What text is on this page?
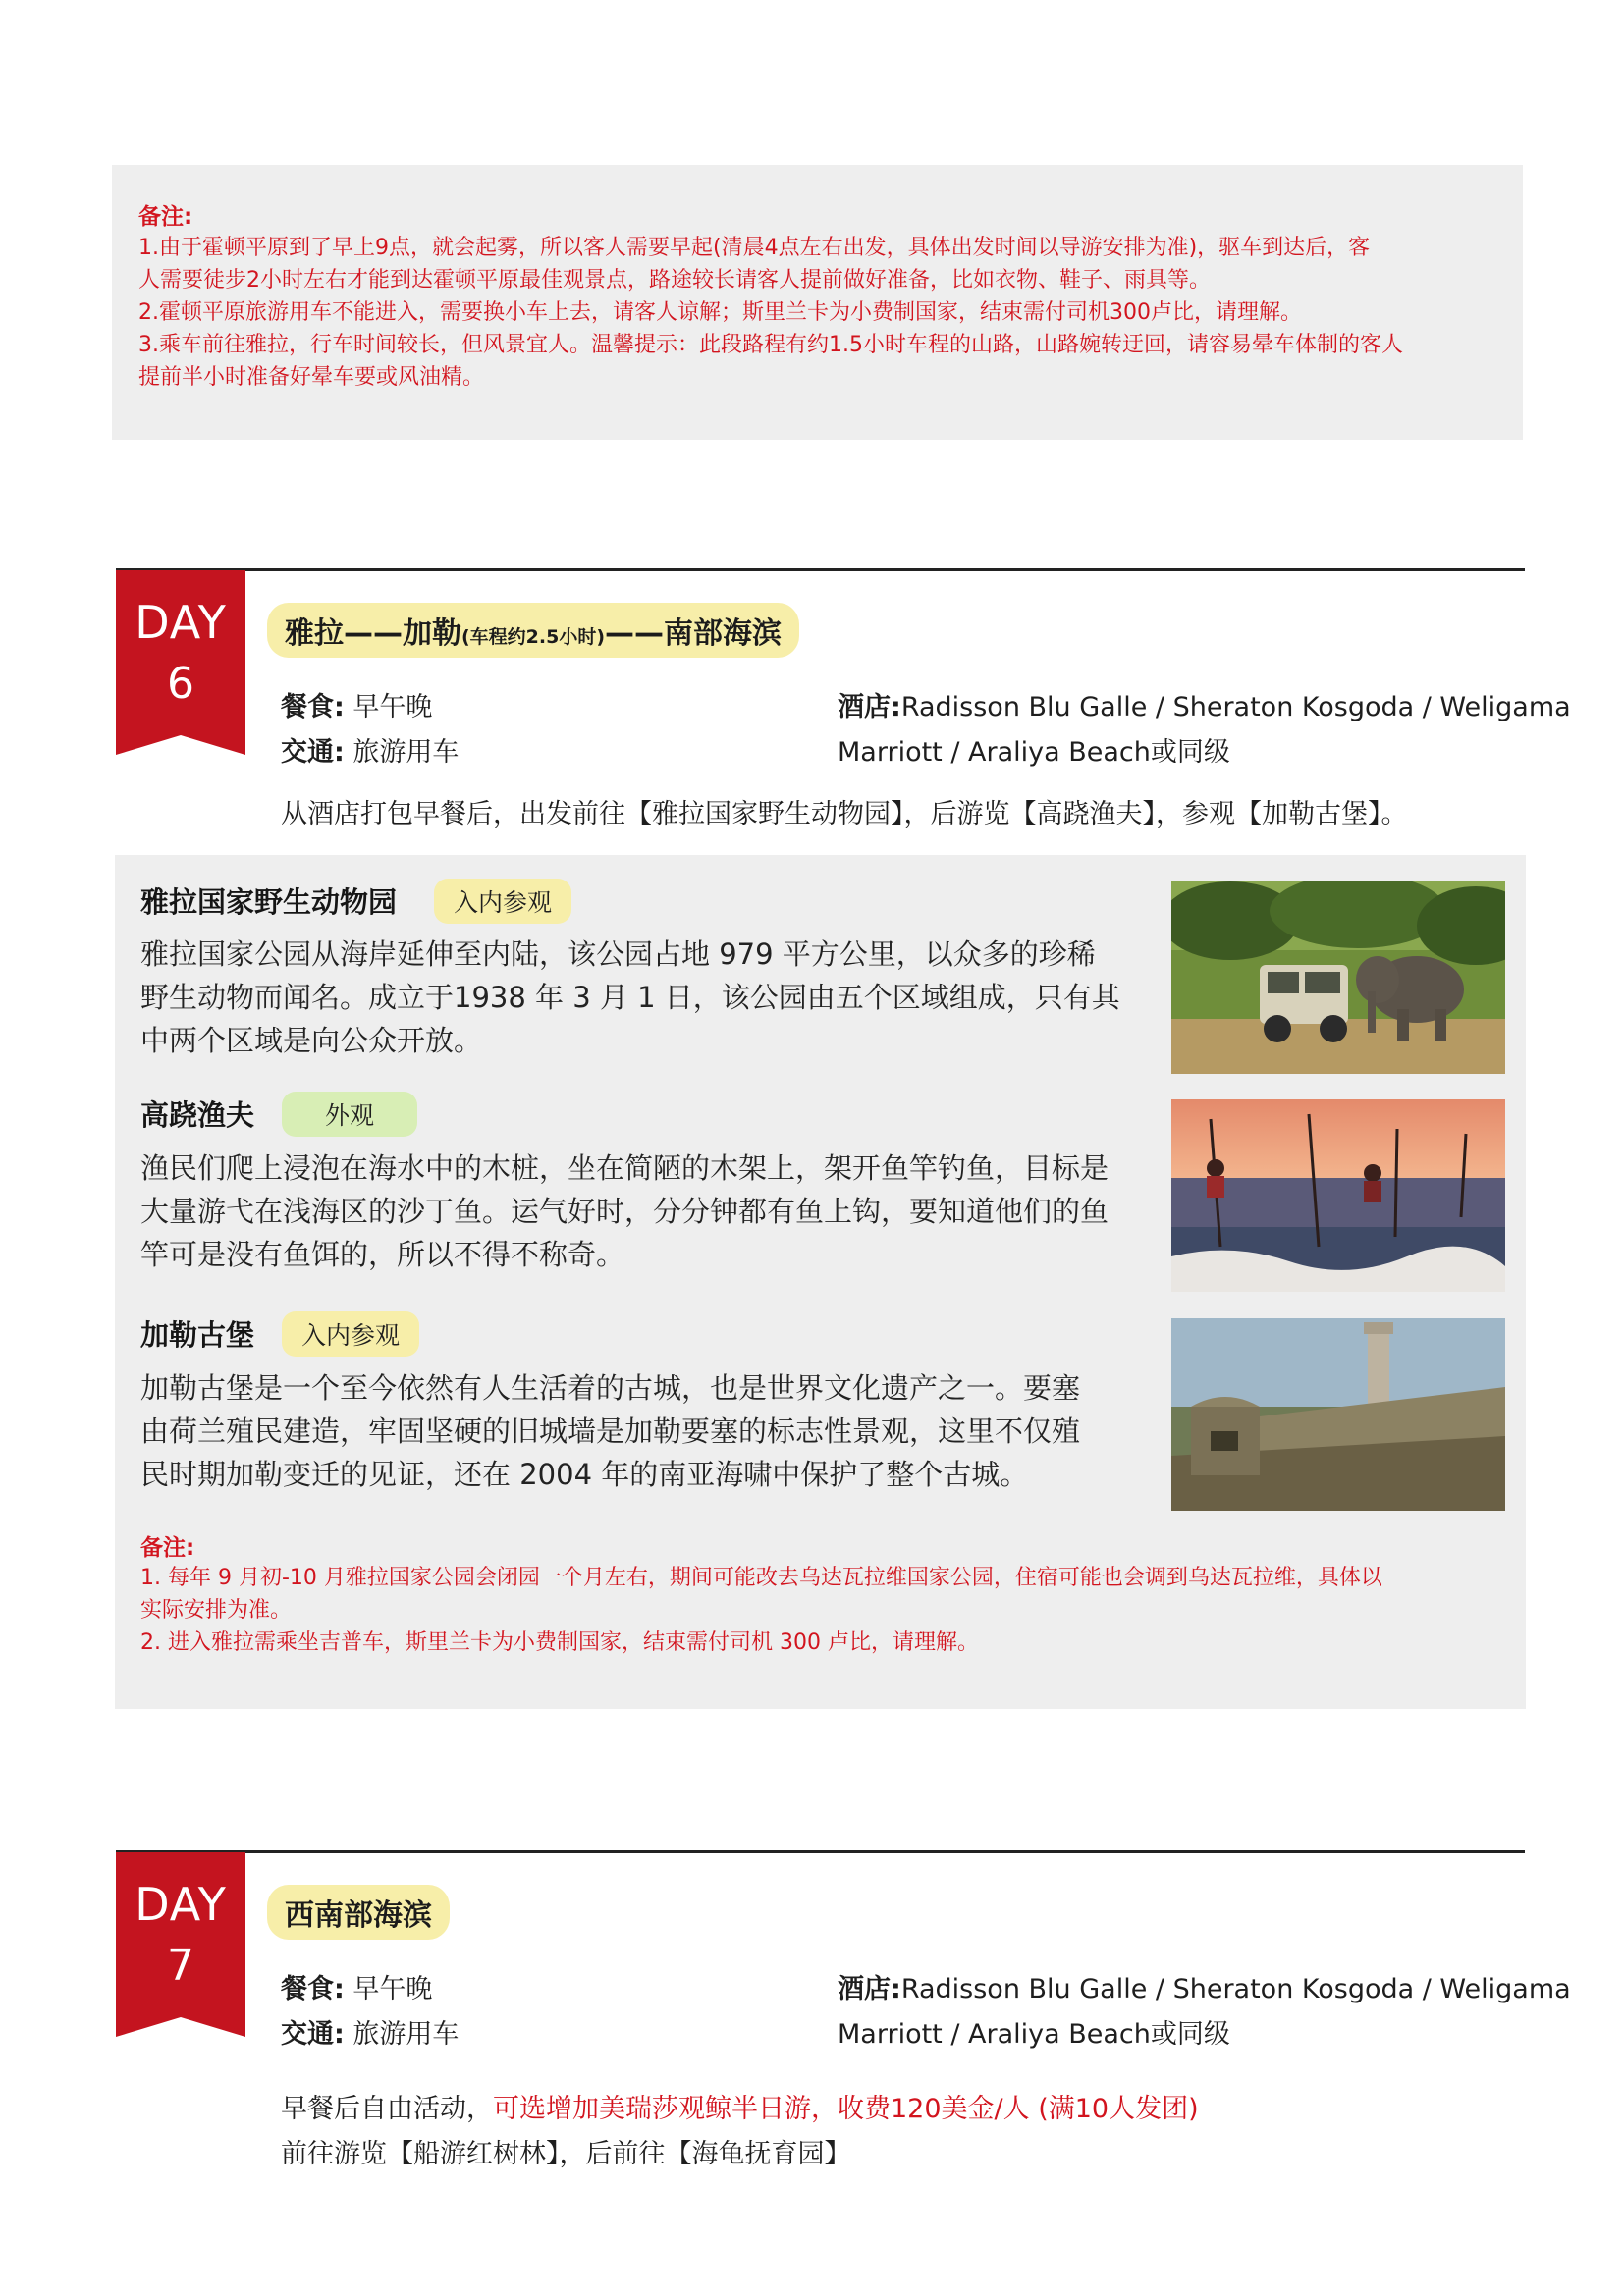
备注:
1.由于霍顿平原到了早上9点，就会起雾，所以客人需要早起(清晨4点左右出发，具体出发时间以导游安排为准)，驱车到达后，客
人需要徒步2小时左右才能到达霍顿平原最佳观景点，路途较长请客人提前做好准备，比如衣物、鞋子、雨具等。
2.霍顿平原旅游用车不能进入，需要换小车上去，请客人谅解；斯里兰卡为小费制国家，结束需付司机300卢比，请理解。
3.乘车前往雅拉，行车时间较长，但风景宜人。温馨提示：此段路程有约1.5小时车程的山路，山路婉转迂回，请容易晕车体制的客人
提前半小时准备好晕车要或风油精。
DAY
6
雅拉——加勒(车程约2.5小时)——南部海滨
餐食: 早午晚
交通: 旅游用车
酒店:Radisson Blu Galle / Sheraton Kosgoda / Weligama
Marriott / Araliya Beach或同级
从酒店打包早餐后，出发前往【雅拉国家野生动物园】，后游览【高跷渔夫】，参观【加勒古堡】。
雅拉国家野生动物园	入内参观
雅拉国家公园从海岸延伸至内陆，该公园占地 979 平方公里，以众多的珍稀
野生动物而闻名。成立于1938 年 3 月 1 日，该公园由五个区域组成，只有其
中两个区域是向公众开放。
高跷渔夫	外观
渔民们爬上浸泡在海水中的木桩，坐在简陋的木架上，架开鱼竿钓鱼，目标是
大量游弋在浅海区的沙丁鱼。运气好时，分分钟都有鱼上钩，要知道他们的鱼
竿可是没有鱼饵的，所以不得不称奇。
加勒古堡	入内参观
加勒古堡是一个至今依然有人生活着的古城，也是世界文化遗产之一。要塞
由荷兰殖民建造，牢固坚硬的旧城墙是加勒要塞的标志性景观，这里不仅殖
民时期加勒变迁的见证，还在 2004 年的南亚海啸中保护了整个古城。
备注:
1. 每年 9 月初-10 月雅拉国家公园会闭园一个月左右，期间可能改去乌达瓦拉维国家公园，住宿可能也会调到乌达瓦拉维，具体以
实际安排为准。
2. 进入雅拉需乘坐吉普车，斯里兰卡为小费制国家，结束需付司机 300 卢比，请理解。
DAY
7
西南部海滨
餐食: 早午晚
交通: 旅游用车
酒店:Radisson Blu Galle / Sheraton Kosgoda / Weligama
Marriott / Araliya Beach或同级
早餐后自由活动，可选增加美瑞莎观鲸半日游，收费120美金/人 (满10人发团)
前往游览【船游红树林】，后前往【海龟抚育园】
